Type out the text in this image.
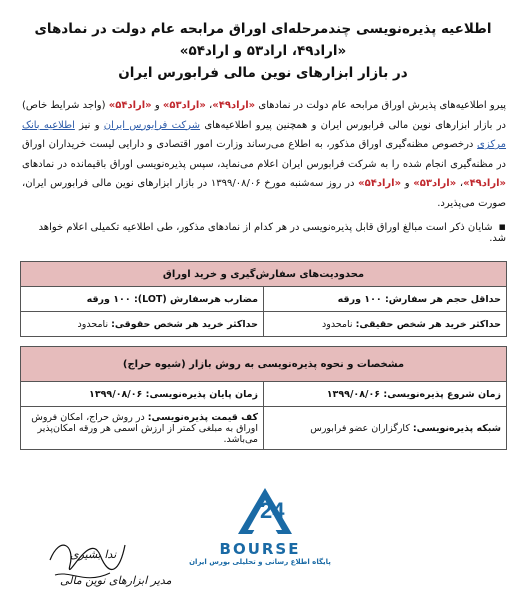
اطلاعیه پذیرەنویسی چندمرحلەای اوراق مرابحه عام دولت در نمادهای «اراد۴۹، اراد۵۳ و اراد۵۴»
در بازار ابزارهای نوین مالی فرابورس ایران
پیرو اطلاعیەهای پذیرش اوراق مرابحه عام دولت در نمادهای «اراد۴۹»، «اراد۵۳» و «اراد۵۴» (واجد شرایط خاص) در بازار ابزارهای نوین مالی فرابورس ایران و همچنین پیرو اطلاعیەهای شرکت فرابورس ایران و نیز اطلاعیه بانک مرکزی درخصوص مظنەگیری اوراق مذکور، به اطلاع می‌رساند وزارت امور اقتصادی و دارایی لیست خریداران اوراق در مظنەگیری انجام شده را به شرکت فرابورس ایران اعلام می‌نماید، سپس پذیرەنویسی اوراق باقیمانده در نمادهای «اراد۴۹»، «اراد۵۳» و «اراد۵۴» در روز سەشنبه مورخ ۱۳۹۹/۰۸/۰۶ در بازار ابزارهای نوین مالی فرابورس ایران، صورت می‌پذیرد.
▪شایان ذکر است مبالغ اوراق قابل پذیرەنویسی در هر کدام از نمادهای مذکور، طی اطلاعیه تکمیلی اعلام خواهد شد.
محدودیت‌های سفارش‌گیری و خرید اوراق	
حداقل حجم هر سفارش: ۱۰۰ ورقه	مضارب هرسفارش (LOT): ۱۰۰ ورقه
حداکثر خرید هر شخص حقیقی: نامحدود	حداکثر خرید هر شخص حقوقی: نامحدود
مشخصات و نحوه پذیرەنویسی به روش بازار (شیوه حراج)	
زمان شروع پذیرەنویسی: ۱۳۹۹/۰۸/۰۶	زمان پایان پذیرەنویسی: ۱۳۹۹/۰۸/۰۶
شبکه پذیرەنویسی: کارگزاران عضو فرابورس	کف قیمت پذیرەنویسی: در روش حراج، امکان فروش اوراق به مبلغی کمتر از ارزش اسمی هر ورقه امکان‌پذیر می‌باشد.
24
BOURSE
پایگاه اطلاع رسانی و تحلیلی بورس ایران
ندا بشیری
مدیر ابزارهای نوین مالی
